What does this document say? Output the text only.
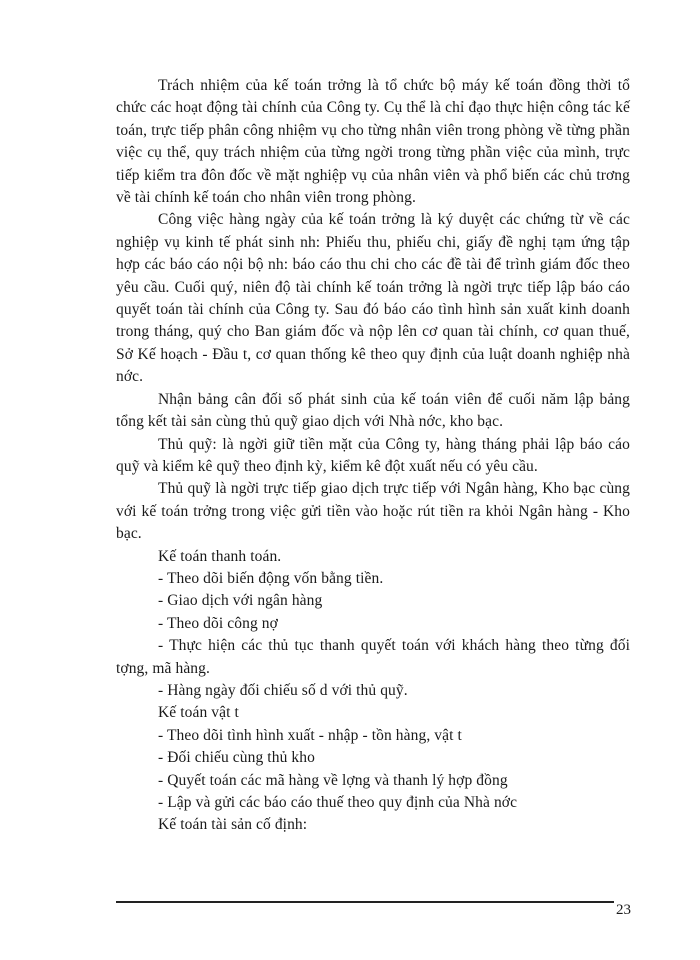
Trách nhiệm của kế toán trởng là tổ chức bộ máy kế toán đồng thời tổ chức các hoạt động tài chính của Công ty. Cụ thể là chỉ đạo thực hiện công tác kế toán, trực tiếp phân công nhiệm vụ cho từng nhân viên trong phòng về từng phần việc cụ thể, quy trách nhiệm của từng ngời trong từng phần việc của mình, trực tiếp kiểm tra đôn đốc về mặt nghiệp vụ của nhân viên và phổ biến các chủ trơng về tài chính kế toán cho nhân viên trong phòng.

Công việc hàng ngày của kế toán trởng là ký duyệt các chứng từ về các nghiệp vụ kinh tế phát sinh nh: Phiếu thu, phiếu chi, giấy đề nghị tạm ứng tập hợp các báo cáo nội bộ nh: báo cáo thu chi cho các đề tài để trình giám đốc theo yêu cầu. Cuối quý, niên độ tài chính kế toán trởng là ngời trực tiếp lập báo cáo quyết toán tài chính của Công ty. Sau đó báo cáo tình hình sản xuất kinh doanh trong tháng, quý cho Ban giám đốc và nộp lên cơ quan tài chính, cơ quan thuế, Sở Kế hoạch - Đầu t, cơ quan thống kê theo quy định của luật doanh nghiệp nhà nớc.

Nhận bảng cân đối số phát sinh của kế toán viên để cuối năm lập bảng tổng kết tài sản cùng thủ quỹ giao dịch với Nhà nớc, kho bạc.

Thủ quỹ: là ngời giữ tiền mặt của Công ty, hàng tháng phải lập báo cáo quỹ và kiểm kê quỹ theo định kỳ, kiểm kê đột xuất nếu có yêu cầu.

Thủ quỹ là ngời trực tiếp giao dịch trực tiếp với Ngân hàng, Kho bạc cùng với kế toán trởng trong việc gửi tiền vào hoặc rút tiền ra khỏi Ngân hàng - Kho bạc.

Kế toán thanh toán.

- Theo dõi biến động vốn bằng tiền.

- Giao dịch với ngân hàng

- Theo dõi công nợ

- Thực hiện các thủ tục thanh quyết toán với khách hàng theo từng đối tợng, mã hàng.

- Hàng ngày đối chiếu số d với thủ quỹ.

Kế toán vật t

- Theo dõi tình hình xuất - nhập - tồn hàng, vật t

- Đối chiếu cùng thủ kho

- Quyết toán các mã hàng về lợng và thanh lý hợp đồng

- Lập và gửi các báo cáo thuế theo quy định của Nhà nớc

Kế toán tài sản cố định:

23
